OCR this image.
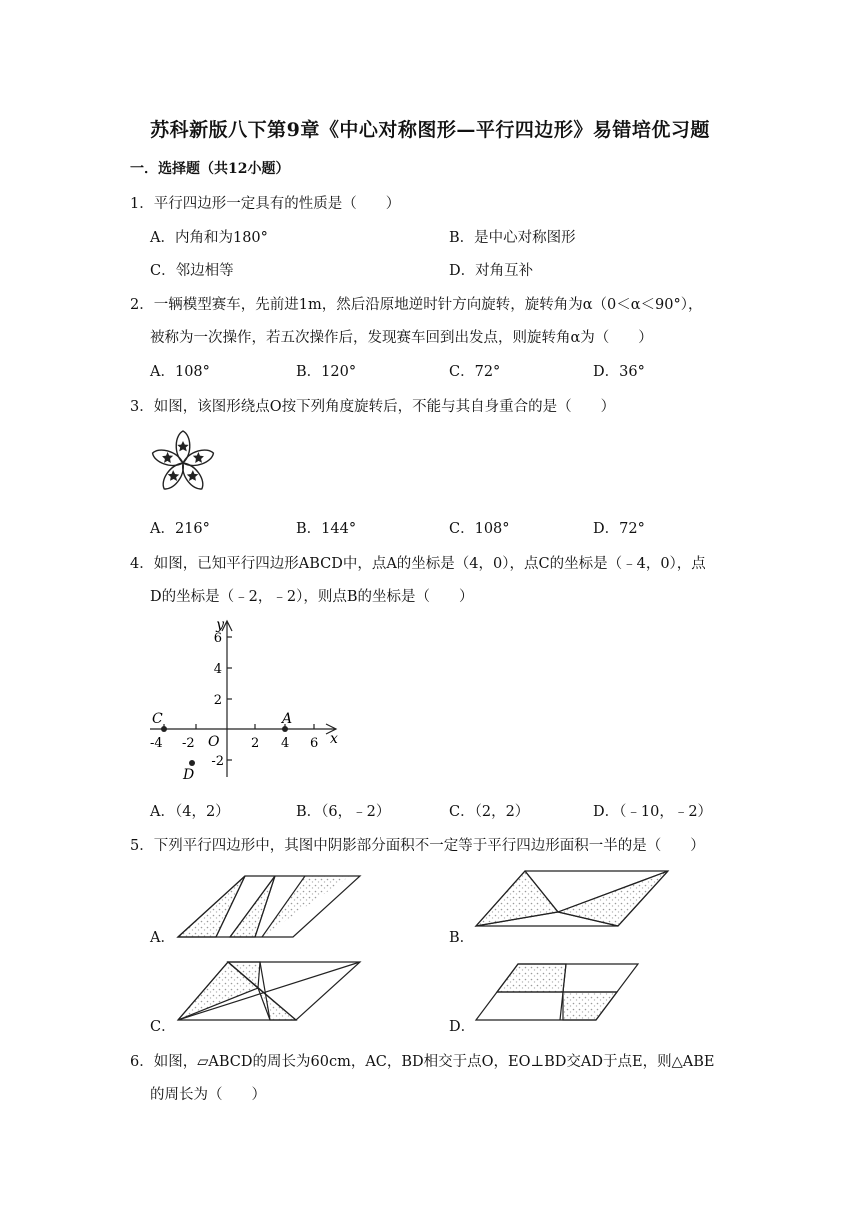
苏科新版八下第9章《中心对称图形—平行四边形》易错培优习题
一．选择题（共12小题）
1．平行四边形一定具有的性质是（　　）
A．内角和为180°	B．是中心对称图形
C．邻边相等	D．对角互补
2．一辆模型赛车，先前进1m，然后沿原地逆时针方向旋转，旋转角为α（0＜α＜90°），
被称为一次操作，若五次操作后，发现赛车回到出发点，则旋转角α为（　　）
A．108°	B．120°	C．72°	D．36°
3．如图，该图形绕点O按下列角度旋转后，不能与其自身重合的是（　　）
A．216°	B．144°	C．108°	D．72°
4．如图，已知平行四边形ABCD中，点A的坐标是（4，0），点C的坐标是（﹣4，0），点
D的坐标是（﹣2，﹣2），则点B的坐标是（　　）
y
x
O
6
4
2
-2
-4 -2	2 4 6
C	A
D
A．（4，2）	B．（6，﹣2）	C．（2，2）	D．（﹣10，﹣2）
5．下列平行四边形中，其图中阴影部分面积不一定等于平行四边形面积一半的是（　　）
A．	B．
C．	D．
6．如图，▱ABCD的周长为60cm，AC，BD相交于点O，EO⊥BD交AD于点E，则△ABE
的周长为（　　）
